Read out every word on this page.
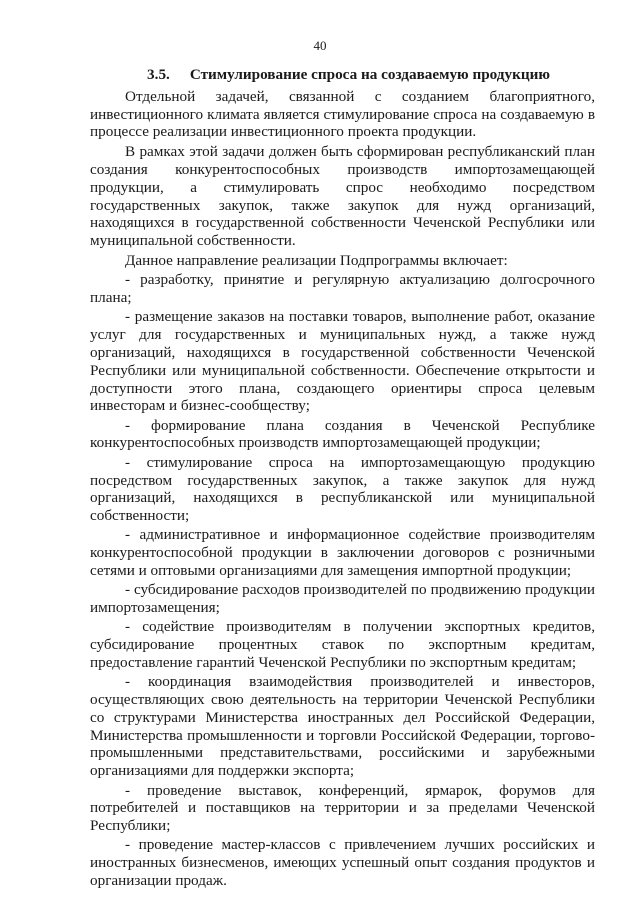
40

3.5. Стимулирование спроса на создаваемую продукцию

Отдельной задачей, связанной с созданием благоприятного, инвестиционного климата является стимулирование спроса на создаваемую в процессе реализации инвестиционного проекта продукции.

В рамках этой задачи должен быть сформирован республиканский план создания конкурентоспособных производств импортозамещающей продукции, а стимулировать спрос необходимо посредством государственных закупок, также закупок для нужд организаций, находящихся в государственной собственности Чеченской Республики или муниципальной собственности.

Данное направление реализации Подпрограммы включает:

- разработку, принятие и регулярную актуализацию долгосрочного плана;

- размещение заказов на поставки товаров, выполнение работ, оказание услуг для государственных и муниципальных нужд, а также нужд организаций, находящихся в государственной собственности Чеченской Республики или муниципальной собственности. Обеспечение открытости и доступности этого плана, создающего ориентиры спроса целевым инвесторам и бизнес-сообществу;

- формирование плана создания в Чеченской Республике конкурентоспособных производств импортозамещающей продукции;

- стимулирование спроса на импортозамещающую продукцию посредством государственных закупок, а также закупок для нужд организаций, находящихся в республиканской или муниципальной собственности;

- административное и информационное содействие производителям конкурентоспособной продукции в заключении договоров с розничными сетями и оптовыми организациями для замещения импортной продукции;

- субсидирование расходов производителей по продвижению продукции импортозамещения;

- содействие производителям в получении экспортных кредитов, субсидирование процентных ставок по экспортным кредитам, предоставление гарантий Чеченской Республики по экспортным кредитам;

- координация взаимодействия производителей и инвесторов, осуществляющих свою деятельность на территории Чеченской Республики со структурами Министерства иностранных дел Российской Федерации, Министерства промышленности и торговли Российской Федерации, торгово-промышленными представительствами, российскими и зарубежными организациями для поддержки экспорта;

- проведение выставок, конференций, ярмарок, форумов для потребителей и поставщиков на территории и за пределами Чеченской Республики;

- проведение мастер-классов с привлечением лучших российских и иностранных бизнесменов, имеющих успешный опыт создания продуктов и организации продаж.
